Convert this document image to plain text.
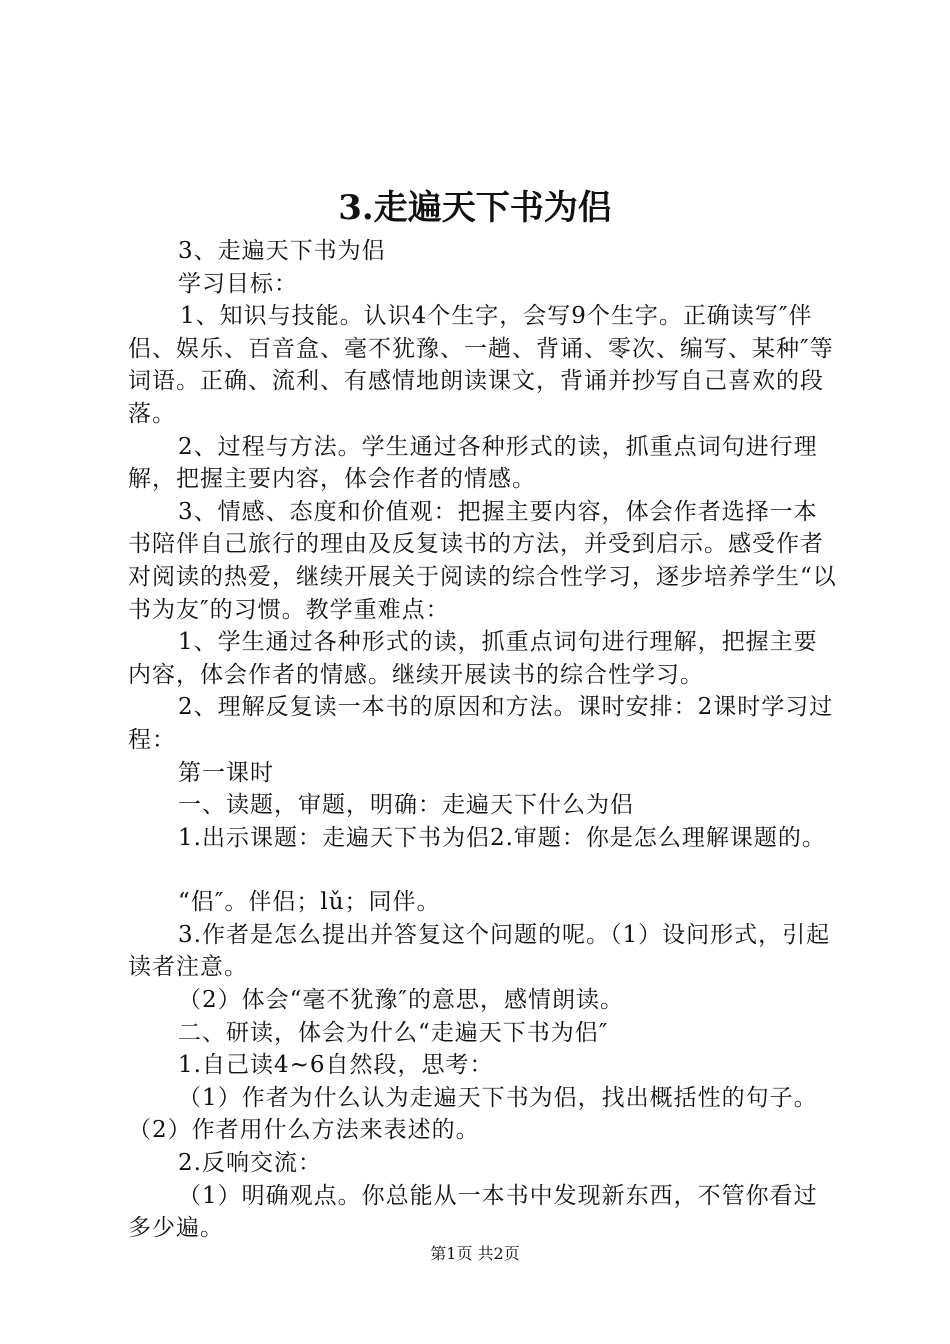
3.走遍天下书为侣

3、走遍天下书为侣

学习目标：

1、知识与技能。认识4个生字，会写9个生字。正确读写″伴侣、娱乐、百音盒、毫不犹豫、一趟、背诵、零次、编写、某种″等词语。正确、流利、有感情地朗读课文，背诵并抄写自己喜欢的段落。

2、过程与方法。学生通过各种形式的读，抓重点词句进行理解，把握主要内容，体会作者的情感。

3、情感、态度和价值观：把握主要内容，体会作者选择一本书陪伴自己旅行的理由及反复读书的方法，并受到启示。感受作者对阅读的热爱，继续开展关于阅读的综合性学习，逐步培养学生“以书为友″的习惯。教学重难点：

1、学生通过各种形式的读，抓重点词句进行理解，把握主要内容，体会作者的情感。继续开展读书的综合性学习。

2、理解反复读一本书的原因和方法。课时安排：2课时学习过程：

第一课时

一、读题，审题，明确：走遍天下什么为侣

1.出示课题：走遍天下书为侣2.审题：你是怎么理解课题的。

“侣″。伴侣；lǔ；同伴。

3.作者是怎么提出并答复这个问题的呢。（1）设问形式，引起读者注意。

（2）体会“毫不犹豫″的意思，感情朗读。

二、研读，体会为什么“走遍天下书为侣″

1.自己读4~6自然段，思考：

（1）作者为什么认为走遍天下书为侣，找出概括性的句子。（2）作者用什么方法来表述的。

2.反响交流：

（1）明确观点。你总能从一本书中发现新东西，不管你看过多少遍。

第1页 共2页
